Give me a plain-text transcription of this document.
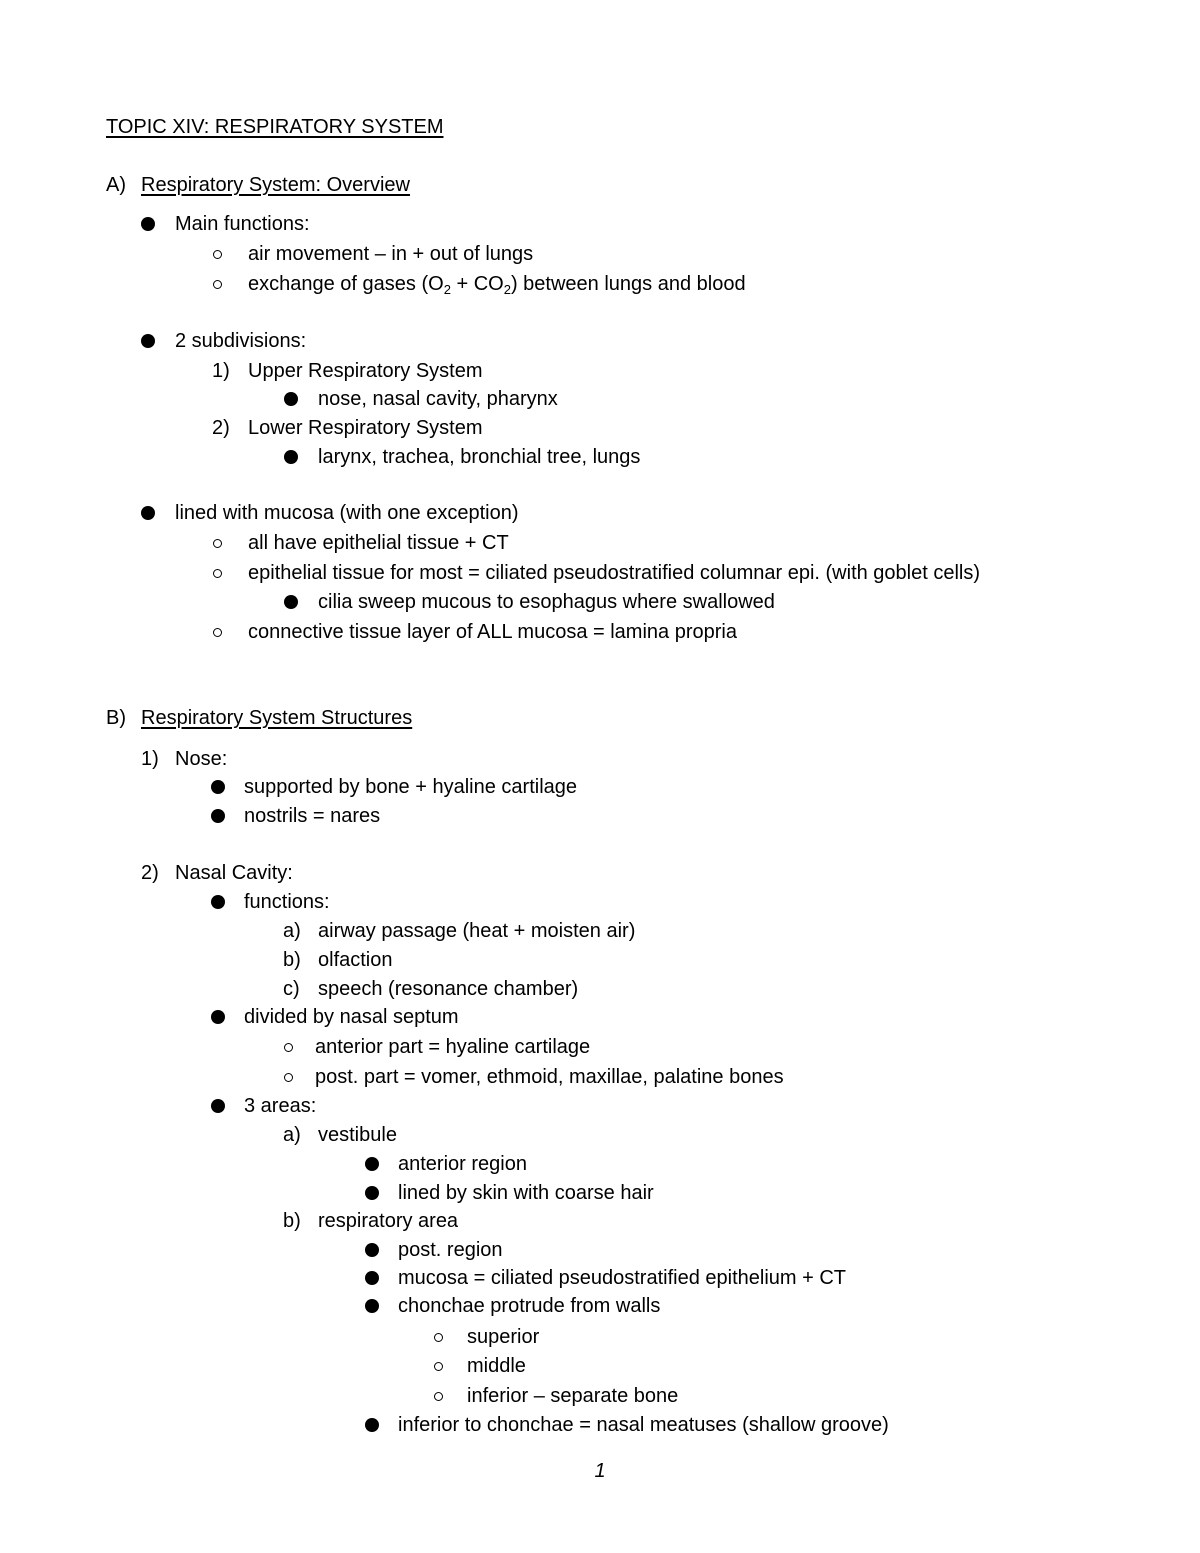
TOPIC XIV: RESPIRATORY SYSTEM
A) Respiratory System: Overview
Main functions:
air movement – in + out of lungs
exchange of gases $(O_2 + CO_2)$ between lungs and blood
2 subdivisions:
1) Upper Respiratory System
nose, nasal cavity, pharynx
2) Lower Respiratory System
larynx, trachea, bronchial tree, lungs
lined with mucosa (with one exception)
all have epithelial tissue + CT
epithelial tissue for most = ciliated pseudostratified columnar epi. (with goblet cells)
cilia sweep mucous to esophagus where swallowed
connective tissue layer of ALL mucosa = lamina propria
B) Respiratory System Structures
1) Nose:
supported by bone + hyaline cartilage
nostrils = nares
2) Nasal Cavity:
functions:
a) airway passage (heat + moisten air)
b) olfaction
c) speech (resonance chamber)
divided by nasal septum
anterior part = hyaline cartilage
post. part = vomer, ethmoid, maxillae, palatine bones
3 areas:
a) vestibule
anterior region
lined by skin with coarse hair
b) respiratory area
post. region
mucosa = ciliated pseudostratified epithelium + CT
chonchae protrude from walls
superior
middle
inferior – separate bone
inferior to chonchae = nasal meatuses (shallow groove)
1
